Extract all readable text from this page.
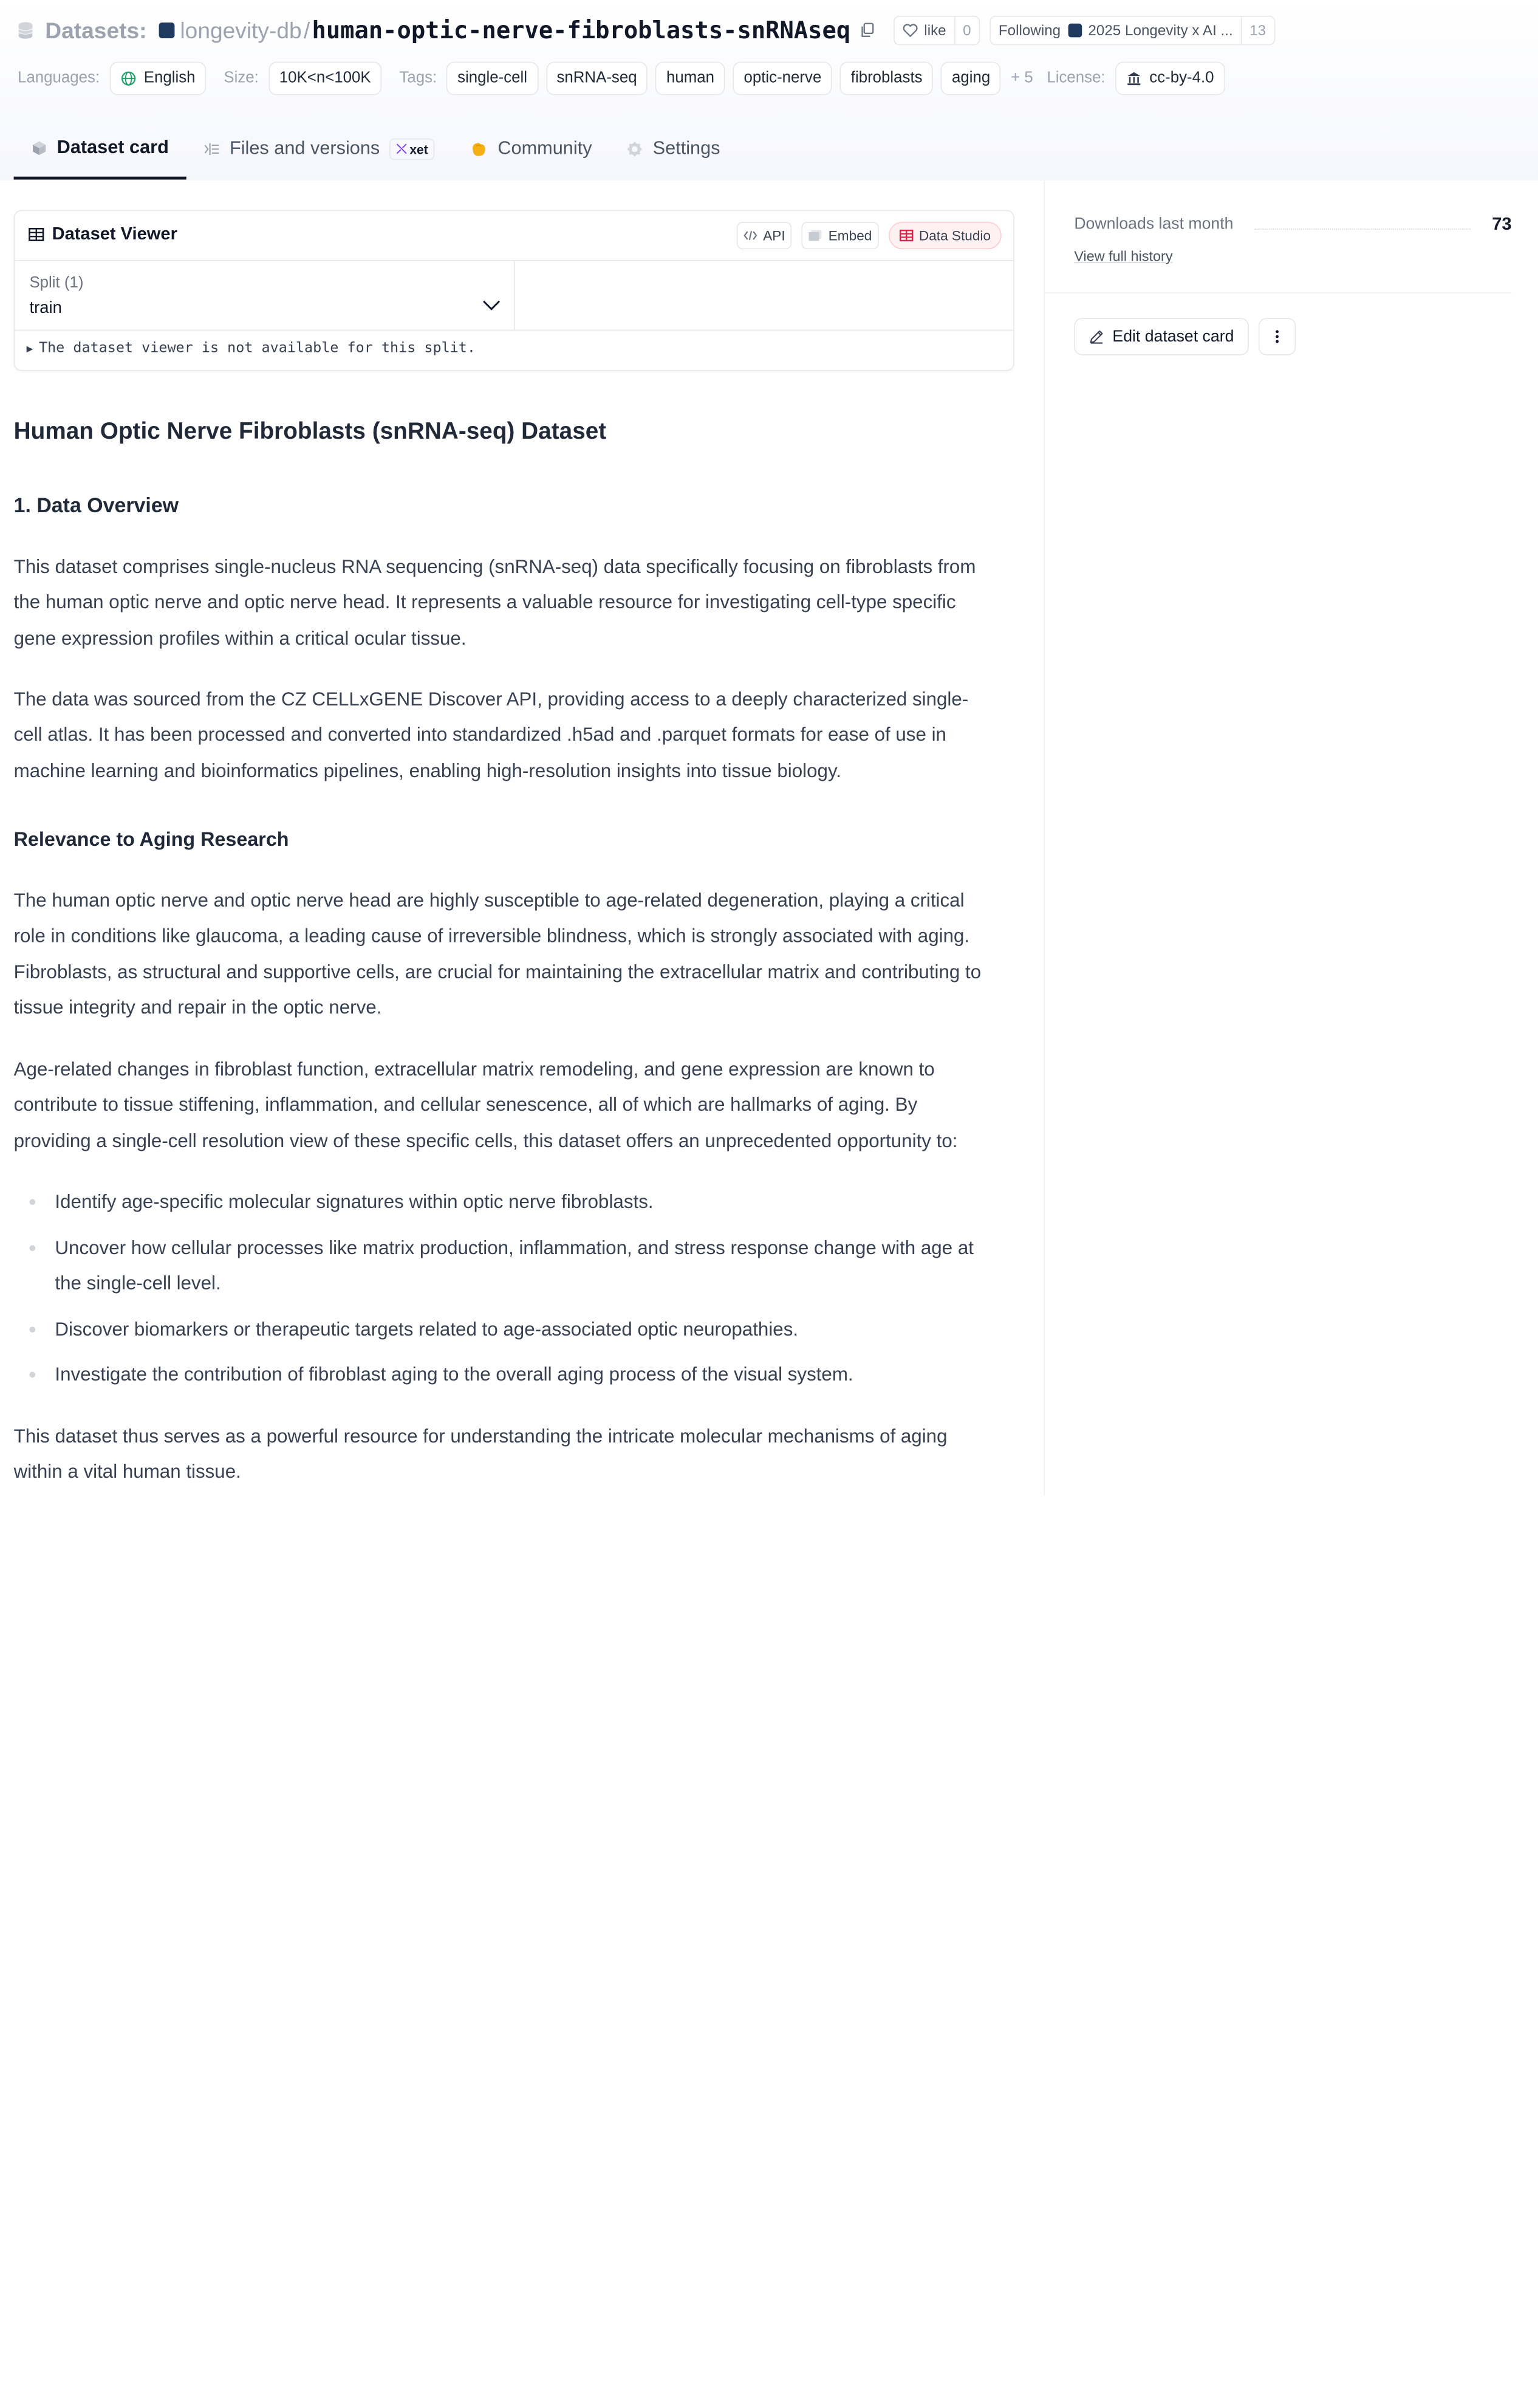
Datasets: longevity-db / human-optic-nerve-fibroblasts-snRNAseq	like	0	Following	2025 Longevity x AI ...	13
Languages:	English	Size:	10K<n<100K	Tags:	single-cell	snRNA-seq	human	optic-nerve	fibroblasts	aging	+ 5 License:	cc-by-4.0
Dataset card	Files and versions ⤬ xet	Community	Settings
Dataset Viewer	API	Embed	Data Studio
Split (1)
train
▶ The dataset viewer is not available for this split.
Human Optic Nerve Fibroblasts (snRNA-seq) Dataset
1. Data Overview

This dataset comprises single-nucleus RNA sequencing (snRNA-seq) data specifically focusing on fibroblasts from the human optic nerve and optic nerve head. It represents a valuable resource for investigating cell-type specific gene expression profiles within a critical ocular tissue.

The data was sourced from the CZ CELLxGENE Discover API, providing access to a deeply characterized single-cell atlas. It has been processed and converted into standardized .h5ad and .parquet formats for ease of use in machine learning and bioinformatics pipelines, enabling high-resolution insights into tissue biology.

Relevance to Aging Research

The human optic nerve and optic nerve head are highly susceptible to age-related degeneration, playing a critical role in conditions like glaucoma, a leading cause of irreversible blindness, which is strongly associated with aging. Fibroblasts, as structural and supportive cells, are crucial for maintaining the extracellular matrix and contributing to tissue integrity and repair in the optic nerve.

Age-related changes in fibroblast function, extracellular matrix remodeling, and gene expression are known to contribute to tissue stiffening, inflammation, and cellular senescence, all of which are hallmarks of aging. By providing a single-cell resolution view of these specific cells, this dataset offers an unprecedented opportunity to:

Identify age-specific molecular signatures within optic nerve fibroblasts.
Uncover how cellular processes like matrix production, inflammation, and stress response change with age at the single-cell level.
Discover biomarkers or therapeutic targets related to age-associated optic neuropathies.
Investigate the contribution of fibroblast aging to the overall aging process of the visual system.

This dataset thus serves as a powerful resource for understanding the intricate molecular mechanisms of aging within a vital human tissue.

Downloads last month	73
View full history
Edit dataset card
